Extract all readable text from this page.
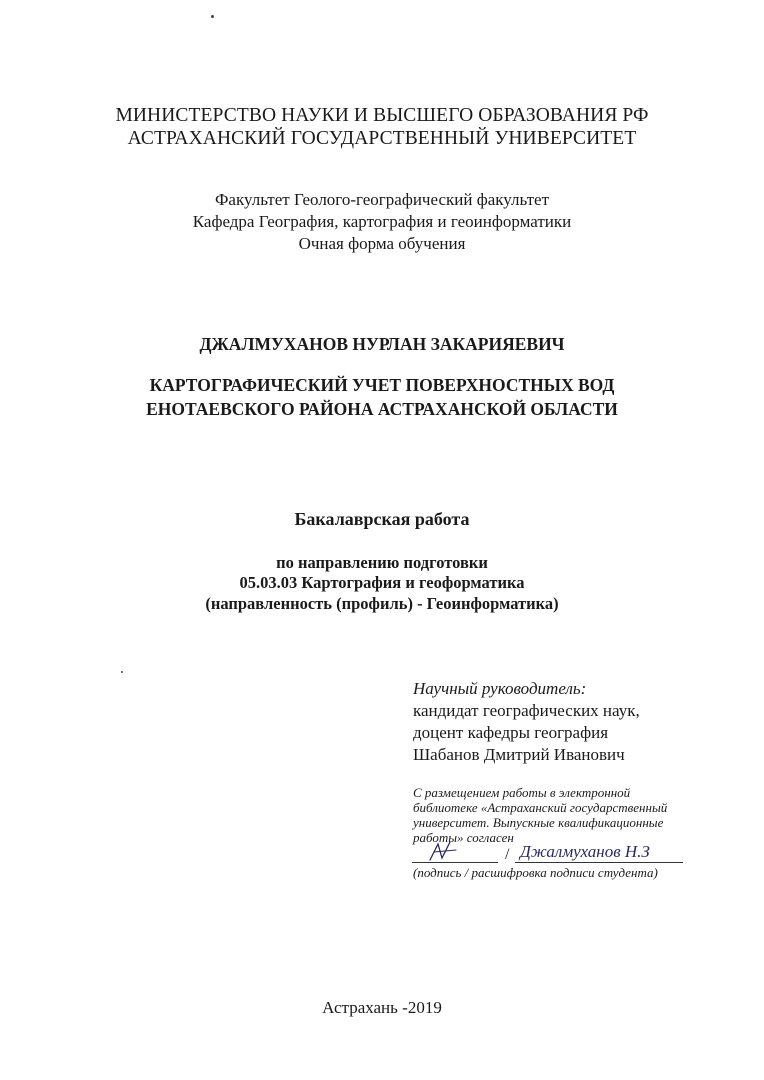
МИНИСТЕРСТВО НАУКИ И ВЫСШЕГО ОБРАЗОВАНИЯ РФ
АСТРАХАНСКИЙ ГОСУДАРСТВЕННЫЙ УНИВЕРСИТЕТ
Факультет Геолого-географический факультет
Кафедра География, картография и геоинформатики
Очная форма обучения
ДЖАЛМУХАНОВ НУРЛАН ЗАКАРИЯЕВИЧ
КАРТОГРАФИЧЕСКИЙ УЧЕТ ПОВЕРХНОСТНЫХ ВОД
ЕНОТАЕВСКОГО РАЙОНА АСТРАХАНСКОЙ ОБЛАСТИ
Бакалаврская работа
по направлению подготовки
05.03.03 Картография и геоформатика
(направленность (профиль) - Геоинформатика)
Научный руководитель:
кандидат географических наук,
доцент кафедры география
Шабанов Дмитрий Иванович
С размещением работы в электронной
библиотеке «Астраханский государственный
университет. Выпускные квалификационные
работы» согласен
/ Джалмуханов Н.З
(подпись / расшифровка подписи студента)
Астрахань -2019
